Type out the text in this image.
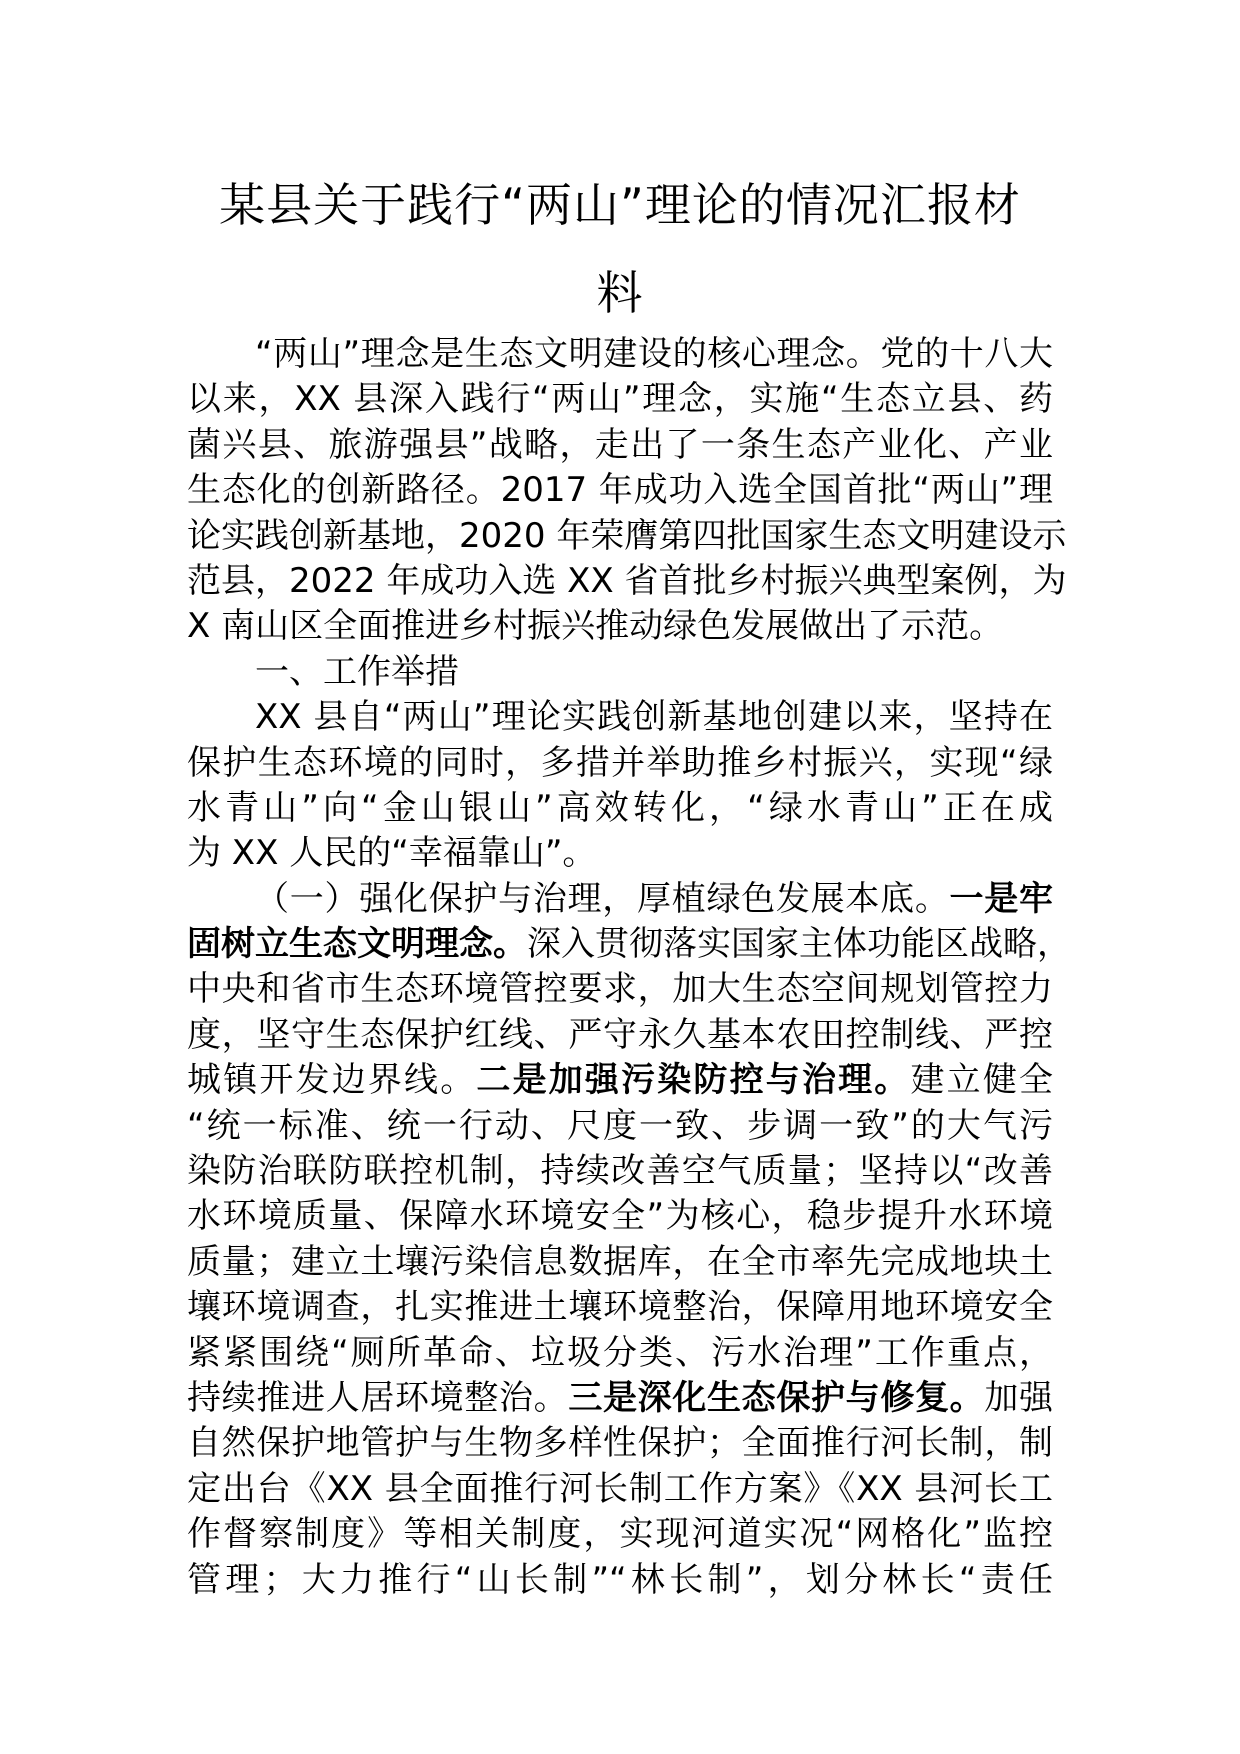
某县关于践行“两山”理论的情况汇报材
料
“两山”理念是生态文明建设的核心理念。党的十八大
以来，XX 县深入践行“两山”理念，实施“生态立县、药
菌兴县、旅游强县”战略，走出了一条生态产业化、产业
生态化的创新路径。2017 年成功入选全国首批“两山”理
论实践创新基地，2020 年荣膺第四批国家生态文明建设示
范县，2022 年成功入选 XX 省首批乡村振兴典型案例，为
X 南山区全面推进乡村振兴推动绿色发展做出了示范。
一、工作举措
XX 县自“两山”理论实践创新基地创建以来，坚持在
保护生态环境的同时，多措并举助推乡村振兴，实现“绿
水青山”向“金山银山”高效转化，“绿水青山”正在成
为 XX 人民的“幸福靠山”。
（一）强化保护与治理，厚植绿色发展本底。一是牢
固树立生态文明理念。深入贯彻落实国家主体功能区战略，
中央和省市生态环境管控要求，加大生态空间规划管控力
度，坚守生态保护红线、严守永久基本农田控制线、严控
城镇开发边界线。二是加强污染防控与治理。建立健全
“统一标准、统一行动、尺度一致、步调一致”的大气污
染防治联防联控机制，持续改善空气质量；坚持以“改善
水环境质量、保障水环境安全”为核心，稳步提升水环境
质量；建立土壤污染信息数据库，在全市率先完成地块土
壤环境调查，扎实推进土壤环境整治，保障用地环境安全
紧紧围绕“厕所革命、垃圾分类、污水治理”工作重点，
持续推进人居环境整治。三是深化生态保护与修复。加强
自然保护地管护与生物多样性保护；全面推行河长制，制
定出台《XX 县全面推行河长制工作方案》《XX 县河长工
作督察制度》等相关制度，实现河道实况“网格化”监控
管理；大力推行“山长制”“林长制”，划分林长“责任
